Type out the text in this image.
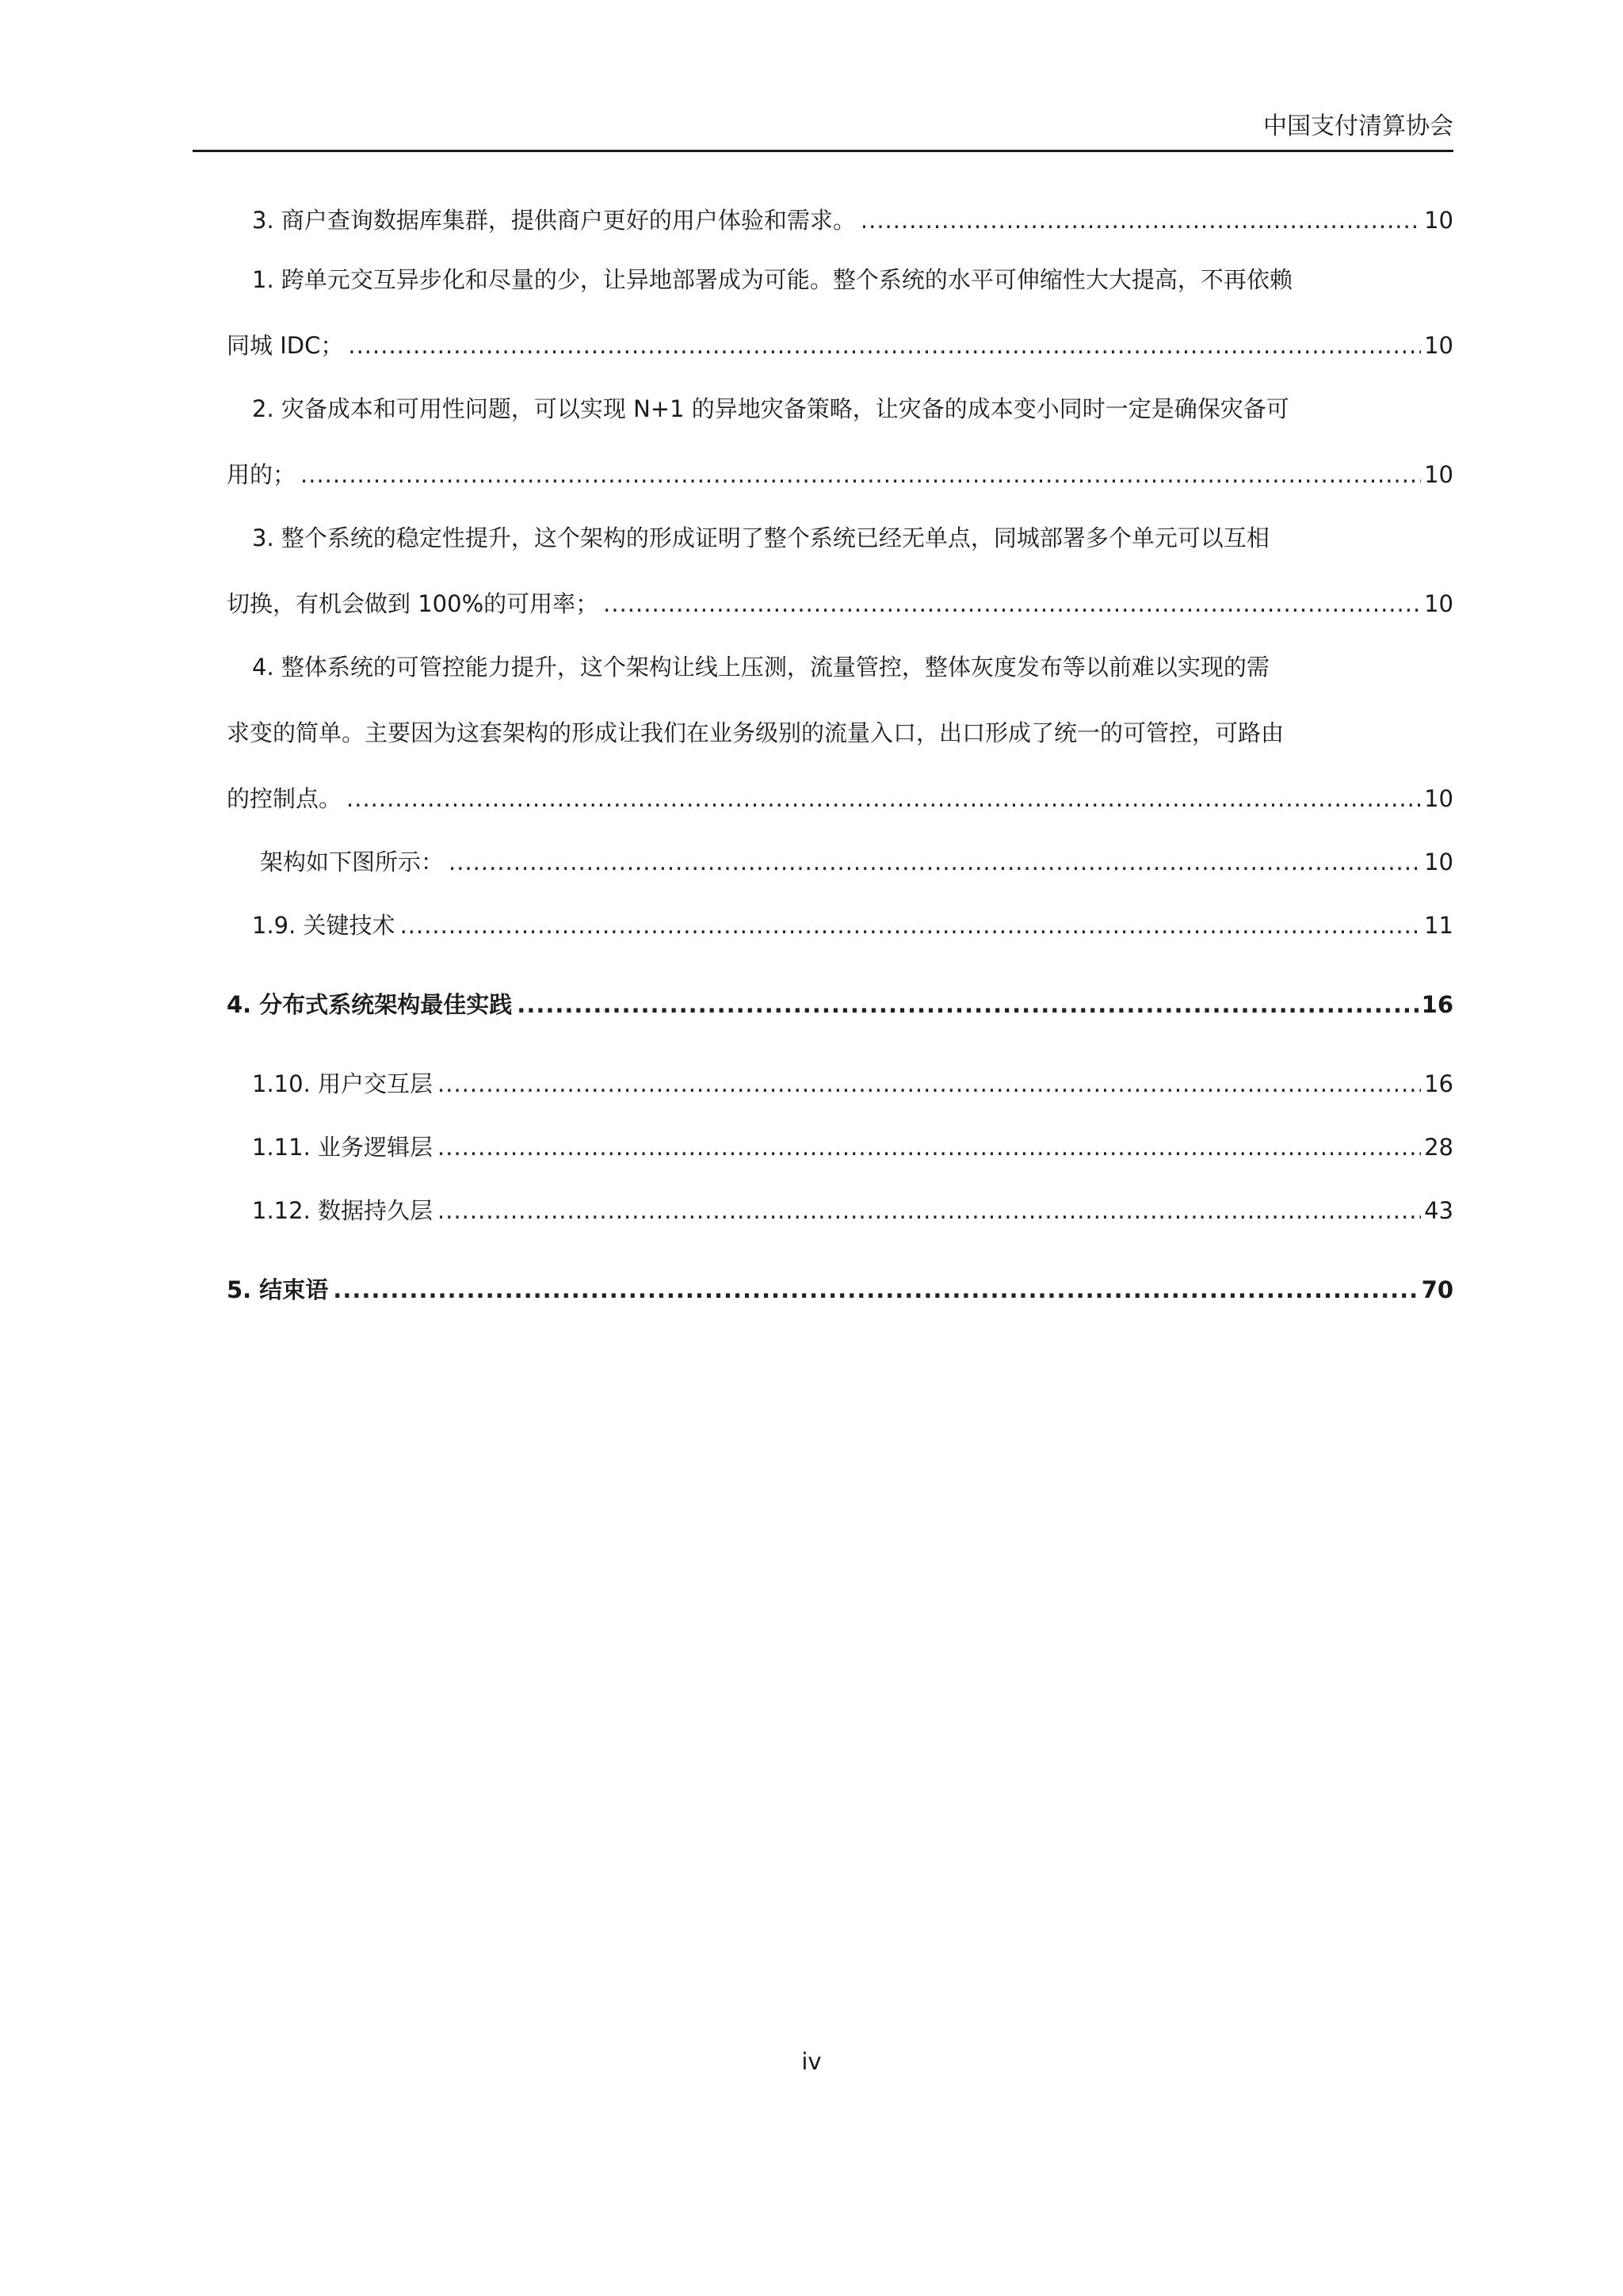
中国支付清算协会
3. 商户查询数据库集群，提供商户更好的用户体验和需求。 .....	10
1. 跨单元交互异步化和尽量的少，让异地部署成为可能。整个系统的水平可伸缩性大大提高，不再依赖
同城 IDC； .....	10
2. 灾备成本和可用性问题，可以实现 N+1 的异地灾备策略，让灾备的成本变小同时一定是确保灾备可
用的； .....	10
3. 整个系统的稳定性提升，这个架构的形成证明了整个系统已经无单点，同城部署多个单元可以互相
切换，有机会做到 100%的可用率； .....	10
4. 整体系统的可管控能力提升，这个架构让线上压测，流量管控，整体灰度发布等以前难以实现的需
求变的简单。主要因为这套架构的形成让我们在业务级别的流量入口，出口形成了统一的可管控，可路由
的控制点。 .....	10
架构如下图所示： .....	10
1.9. 关键技术 .....	11
4. 分布式系统架构最佳实践 .....	16
1.10. 用户交互层 .....	16
1.11. 业务逻辑层 .....	28
1.12. 数据持久层 .....	43
5. 结束语 .....	70
iv
